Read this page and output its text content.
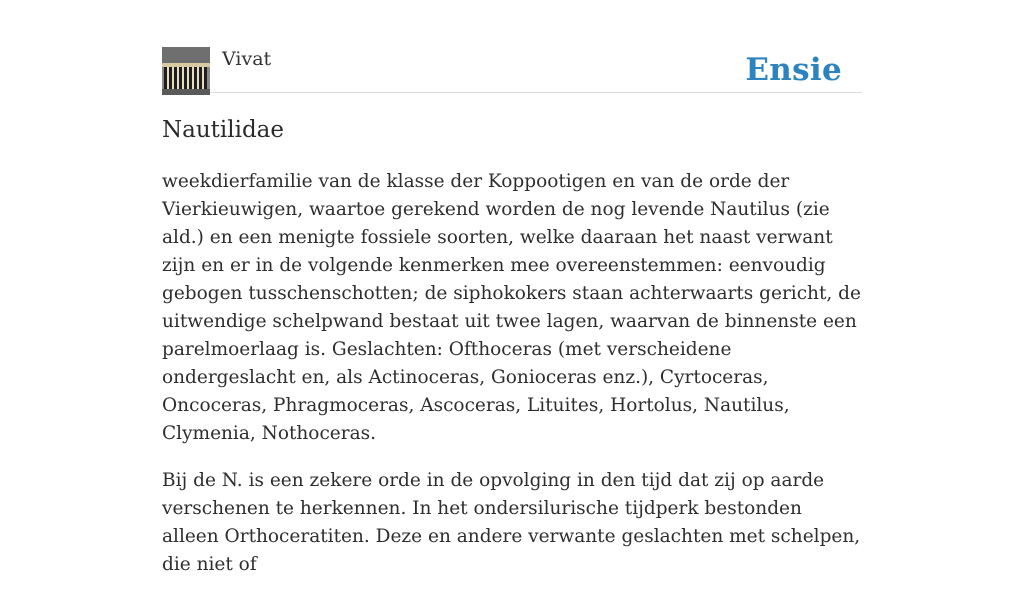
Vivat	Ensie
Nautilidae

weekdierfamilie van de klasse der Koppootigen en van de orde der Vierkieuwigen, waartoe gerekend worden de nog levende Nautilus (zie ald.) en een menigte fossiele soorten, welke daaraan het naast verwant zijn en er in de volgende kenmerken mee overeenstemmen: eenvoudig gebogen tusschenschotten; de siphokokers staan achterwaarts gericht, de uitwendige schelpwand bestaat uit twee lagen, waarvan de binnenste een parelmoerlaag is. Geslachten: Ofthoceras (met verscheidene ondergeslacht en, als Actinoceras, Gonioceras enz.), Cyrtoceras, Oncoceras, Phragmoceras, Ascoceras, Lituites, Hortolus, Nautilus, Clymenia, Nothoceras.

Bij de N. is een zekere orde in de opvolging in den tijd dat zij op aarde verschenen te herkennen. In het ondersilurische tijdperk bestonden alleen Orthoceratiten. Deze en andere verwante geslachten met schelpen, die niet of
